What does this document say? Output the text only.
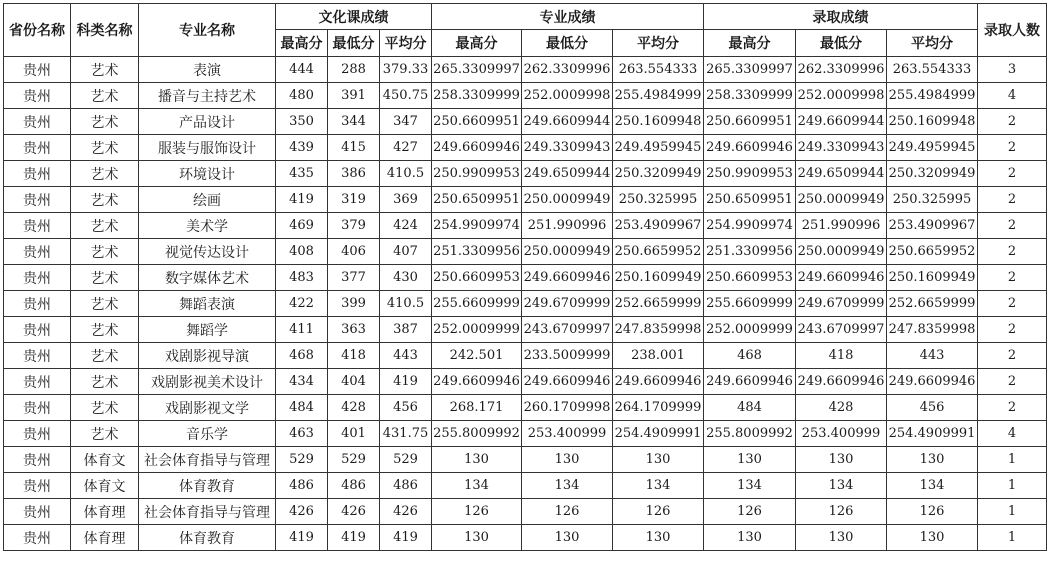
省份名称	科类名称	专业名称	文化课成绩			专业成绩			录取成绩			录取人数
			最高分	最低分	平均分	最高分	最低分	平均分	最高分	最低分	平均分	
贵州	艺术	表演	444	288	379.33	265.3309997	262.3309996	263.554333	265.3309997	262.3309996	263.554333	3
贵州	艺术	播音与主持艺术	480	391	450.75	258.3309999	252.0009998	255.4984999	258.3309999	252.0009998	255.4984999	4
贵州	艺术	产品设计	350	344	347	250.6609951	249.6609944	250.1609948	250.6609951	249.6609944	250.1609948	2
贵州	艺术	服装与服饰设计	439	415	427	249.6609946	249.3309943	249.4959945	249.6609946	249.3309943	249.4959945	2
贵州	艺术	环境设计	435	386	410.5	250.9909953	249.6509944	250.3209949	250.9909953	249.6509944	250.3209949	2
贵州	艺术	绘画	419	319	369	250.6509951	250.0009949	250.325995	250.6509951	250.0009949	250.325995	2
贵州	艺术	美术学	469	379	424	254.9909974	251.990996	253.4909967	254.9909974	251.990996	253.4909967	2
贵州	艺术	视觉传达设计	408	406	407	251.3309956	250.0009949	250.6659952	251.3309956	250.0009949	250.6659952	2
贵州	艺术	数字媒体艺术	483	377	430	250.6609953	249.6609946	250.1609949	250.6609953	249.6609946	250.1609949	2
贵州	艺术	舞蹈表演	422	399	410.5	255.6609999	249.6709999	252.6659999	255.6609999	249.6709999	252.6659999	2
贵州	艺术	舞蹈学	411	363	387	252.0009999	243.6709997	247.8359998	252.0009999	243.6709997	247.8359998	2
贵州	艺术	戏剧影视导演	468	418	443	242.501	233.5009999	238.001	468	418	443	2
贵州	艺术	戏剧影视美术设计	434	404	419	249.6609946	249.6609946	249.6609946	249.6609946	249.6609946	249.6609946	2
贵州	艺术	戏剧影视文学	484	428	456	268.171	260.1709998	264.1709999	484	428	456	2
贵州	艺术	音乐学	463	401	431.75	255.8009992	253.400999	254.4909991	255.8009992	253.400999	254.4909991	4
贵州	体育文	社会体育指导与管理	529	529	529	130	130	130	130	130	130	1
贵州	体育文	体育教育	486	486	486	134	134	134	134	134	134	1
贵州	体育理	社会体育指导与管理	426	426	426	126	126	126	126	126	126	1
贵州	体育理	体育教育	419	419	419	130	130	130	130	130	130	1
